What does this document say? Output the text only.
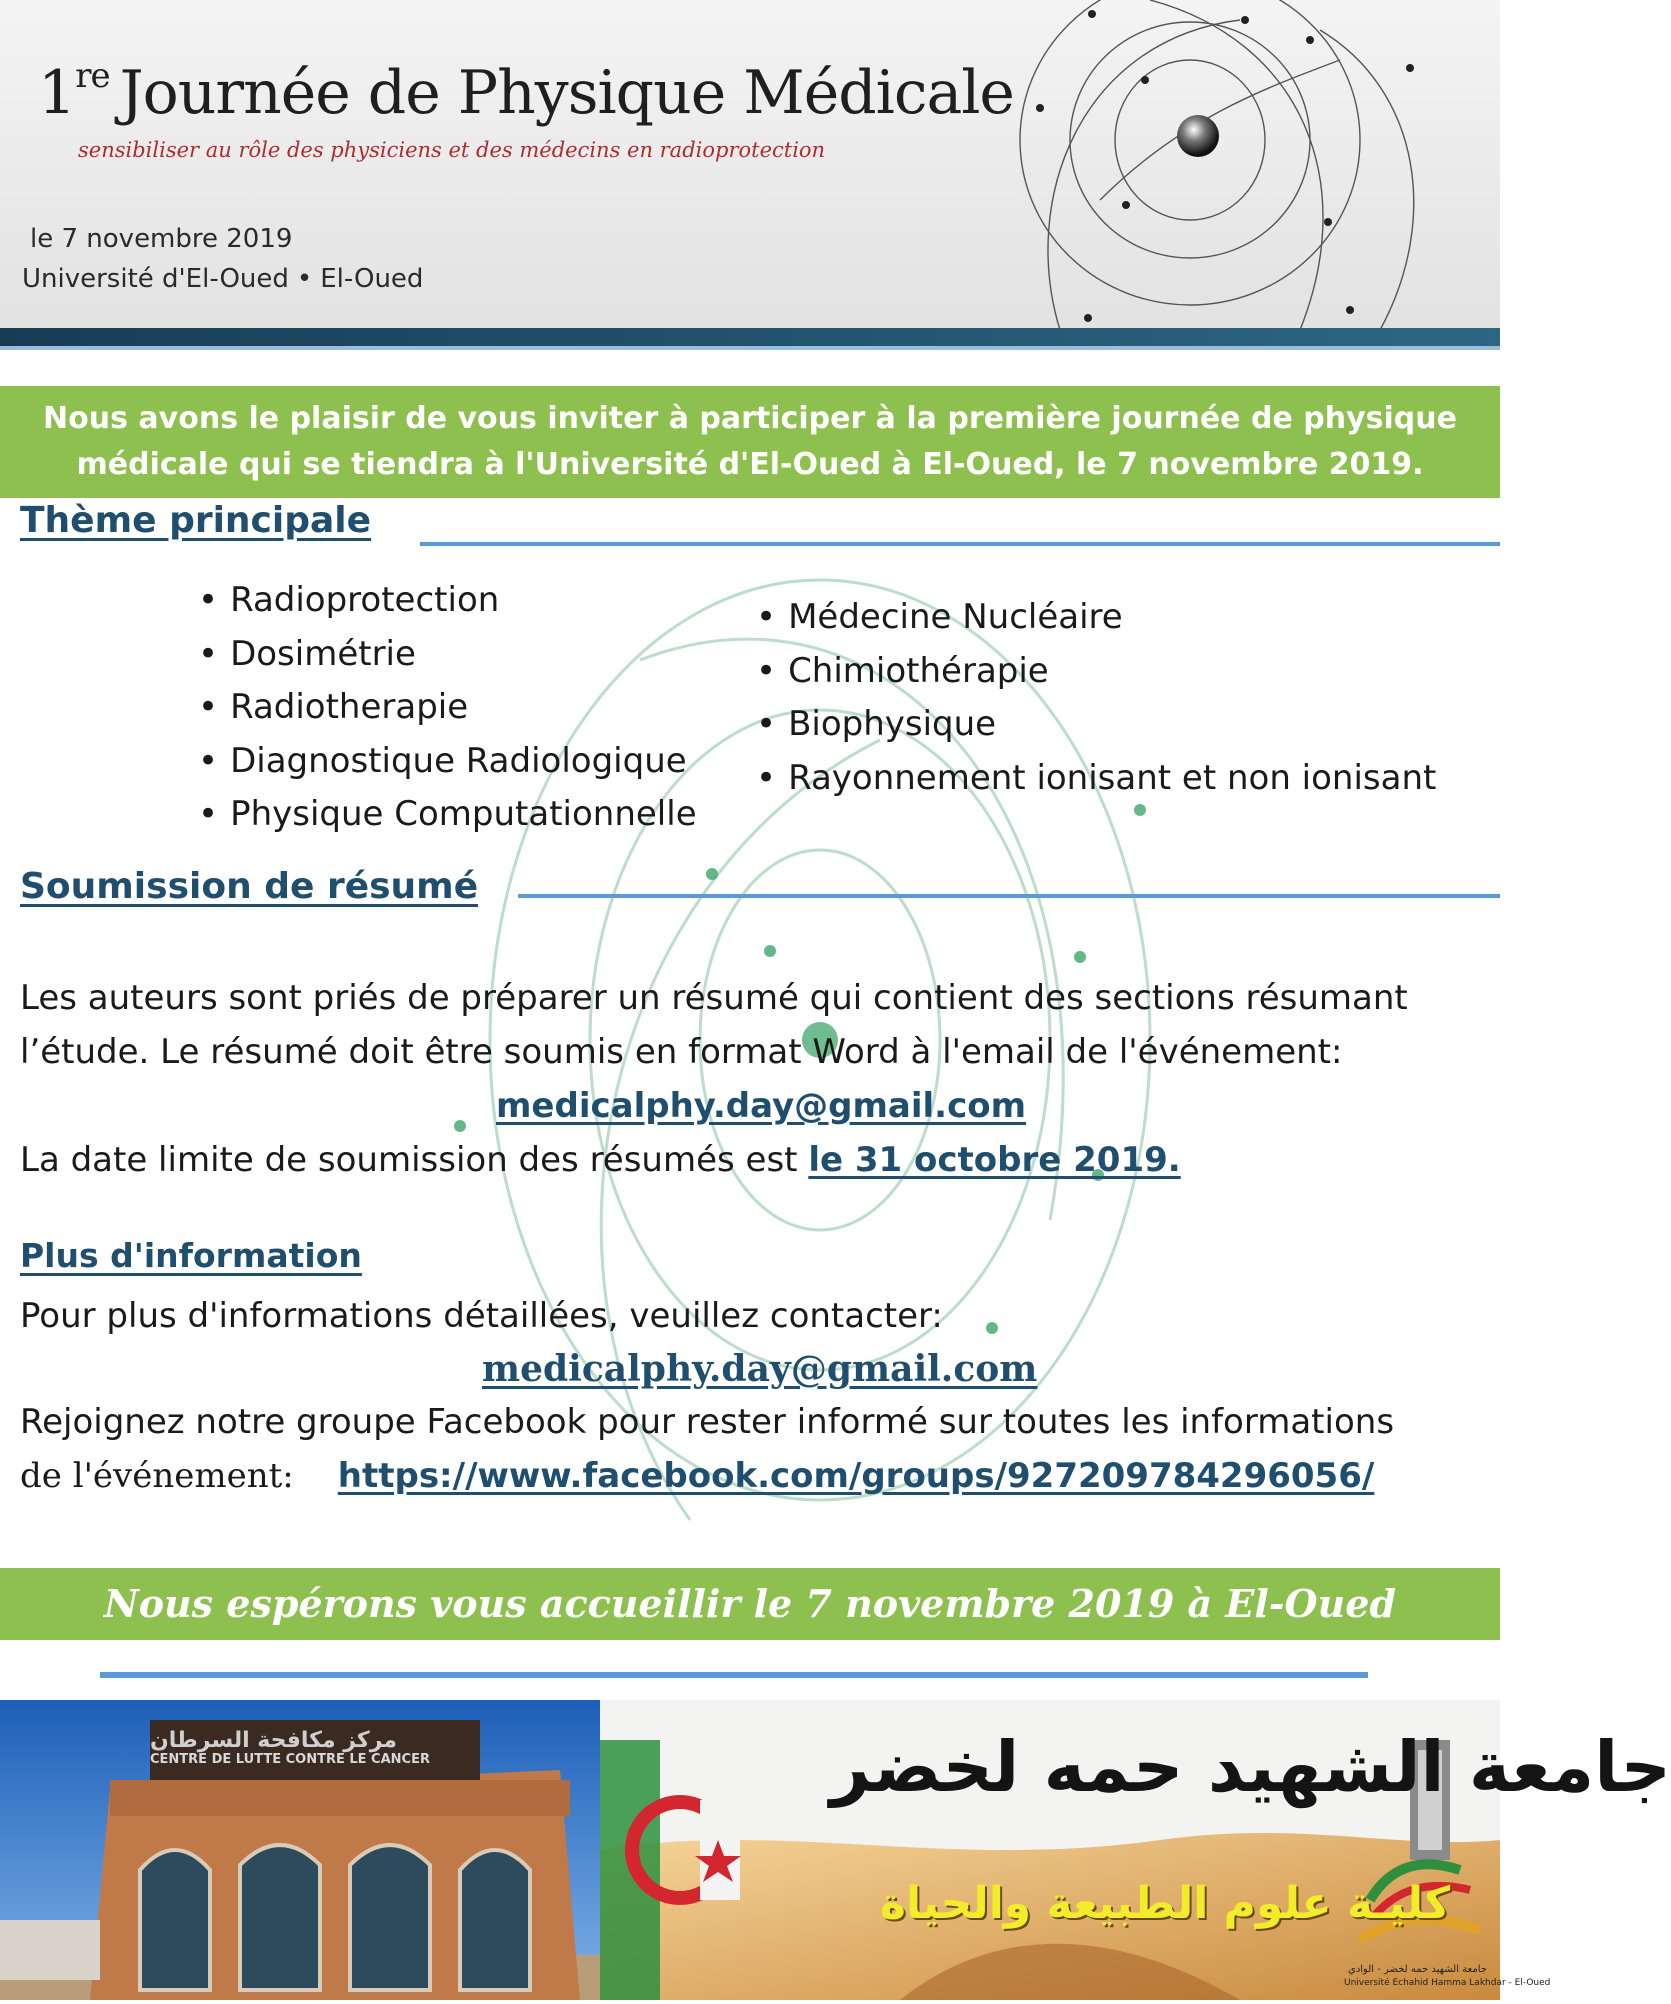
1re Journée de Physique Médicale
sensibiliser au rôle des physiciens et des médecins en radioprotection
le 7 novembre 2019
Université d'El-Oued • El-Oued
Nous avons le plaisir de vous inviter à participer à la première journée de physique
médicale qui se tiendra à l'Université d'El-Oued à El-Oued, le 7 novembre 2019.
Thème principale
• Radioprotection
• Dosimétrie
• Radiotherapie
• Diagnostique Radiologique
• Physique Computationnelle
• Médecine Nucléaire
• Chimiothérapie
• Biophysique
• Rayonnement ionisant et non ionisant
Soumission de résumé
Les auteurs sont priés de préparer un résumé qui contient des sections résumant
l’étude. Le résumé doit être soumis en format Word à l'email de l'événement:
medicalphy.day@gmail.com
La date limite de soumission des résumés est le 31 octobre 2019.
Plus d'information
Pour plus d'informations détaillées, veuillez contacter:
medicalphy.day@gmail.com
Rejoignez notre groupe Facebook pour rester informé sur toutes les informations
de l'événement: https://www.facebook.com/groups/927209784296056/
Nous espérons vous accueillir le 7 novembre 2019 à El-Oued
مركز مكافحة السرطان
CENTRE DE LUTTE CONTRE LE CANCER	جامعة الشهيد حمه لخضر
كليـة علوم الطبيعة والحياة
جامعة الشهيد حمه لخضر - الوادي
Université Echahid Hamma Lakhdar - El-Oued
